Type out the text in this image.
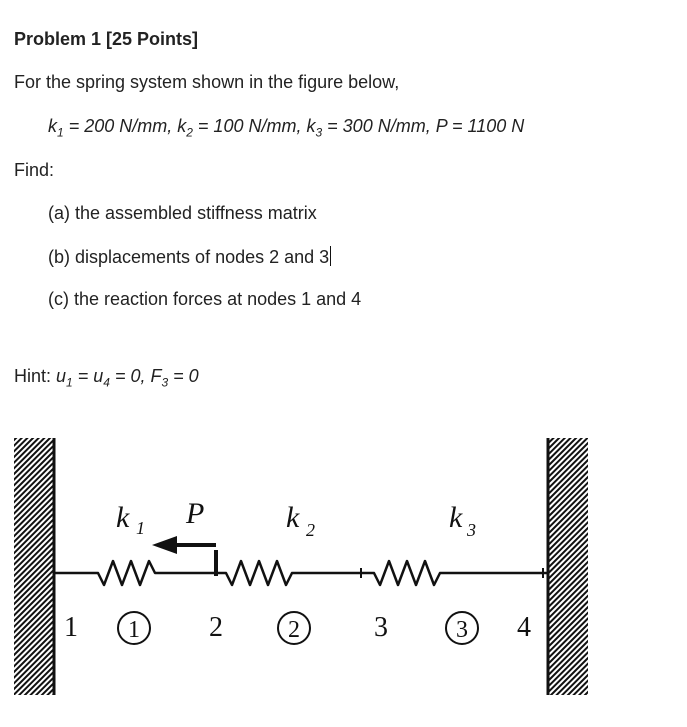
Problem 1 [25 Points]
For the spring system shown in the figure below,
$k_1 = 200$ N/mm, $k_2 = 100$ N/mm, $k_3 = 300$ N/mm, P = 1100 N
Find:
(a) the assembled stiffness matrix
(b) displacements of nodes 2 and 3
(c) the reaction forces at nodes 1 and 4
Hint: $u_1 = u_4 = 0$, $F_3 = 0$
k 1 P	k 2	k 3
1	2	3	4
1	2	3
